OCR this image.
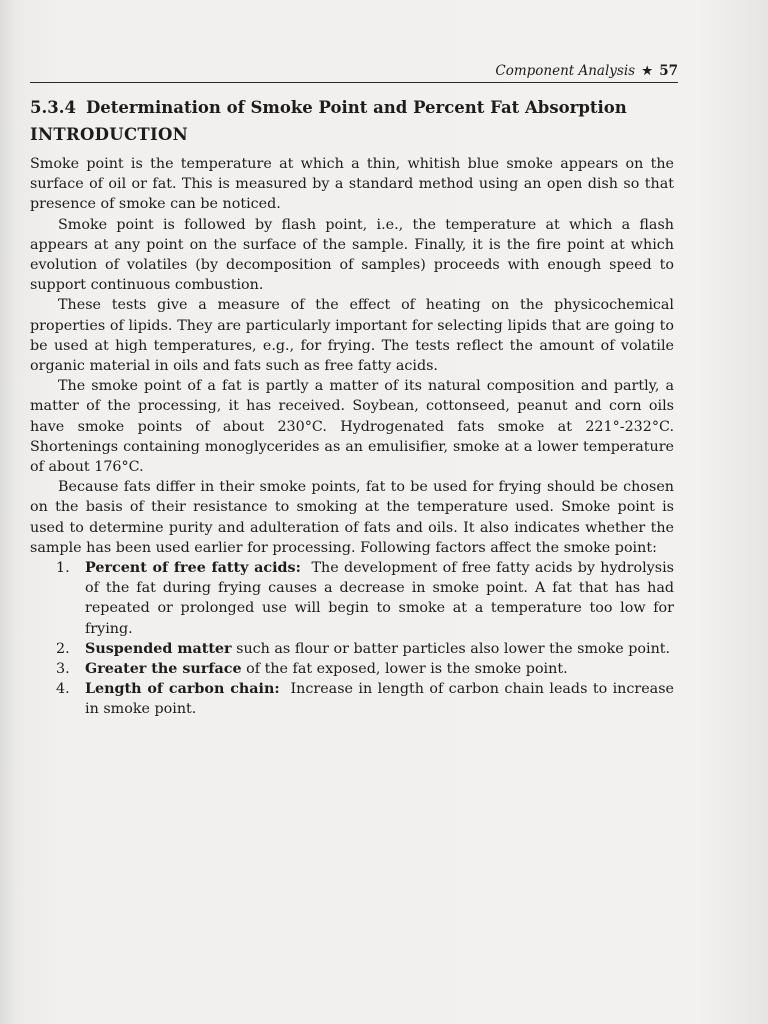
Component Analysis ★ 57
5.3.4 Determination of Smoke Point and Percent Fat Absorption
INTRODUCTION

Smoke point is the temperature at which a thin, whitish blue smoke appears on the surface of oil or fat. This is measured by a standard method using an open dish so that presence of smoke can be noticed.

Smoke point is followed by flash point, i.e., the temperature at which a flash appears at any point on the surface of the sample. Finally, it is the fire point at which evolution of volatiles (by decomposition of samples) proceeds with enough speed to support continuous combustion.

These tests give a measure of the effect of heating on the physicochemical properties of lipids. They are particularly important for selecting lipids that are going to be used at high temperatures, e.g., for frying. The tests reflect the amount of volatile organic material in oils and fats such as free fatty acids.

The smoke point of a fat is partly a matter of its natural composition and partly, a matter of the processing, it has received. Soybean, cottonseed, peanut and corn oils have smoke points of about 230°C. Hydrogenated fats smoke at 221°-232°C. Shortenings containing monoglycerides as an emulisifier, smoke at a lower temperature of about 176°C.

Because fats differ in their smoke points, fat to be used for frying should be chosen on the basis of their resistance to smoking at the temperature used. Smoke point is used to determine purity and adulteration of fats and oils. It also indicates whether the sample has been used earlier for processing. Following factors affect the smoke point:

1. Percent of free fatty acids: The development of free fatty acids by hydrolysis of the fat during frying causes a decrease in smoke point. A fat that has had repeated or prolonged use will begin to smoke at a temperature too low for frying.
2. Suspended matter such as flour or batter particles also lower the smoke point.
3. Greater the surface of the fat exposed, lower is the smoke point.
4. Length of carbon chain: Increase in length of carbon chain leads to increase in smoke point.
